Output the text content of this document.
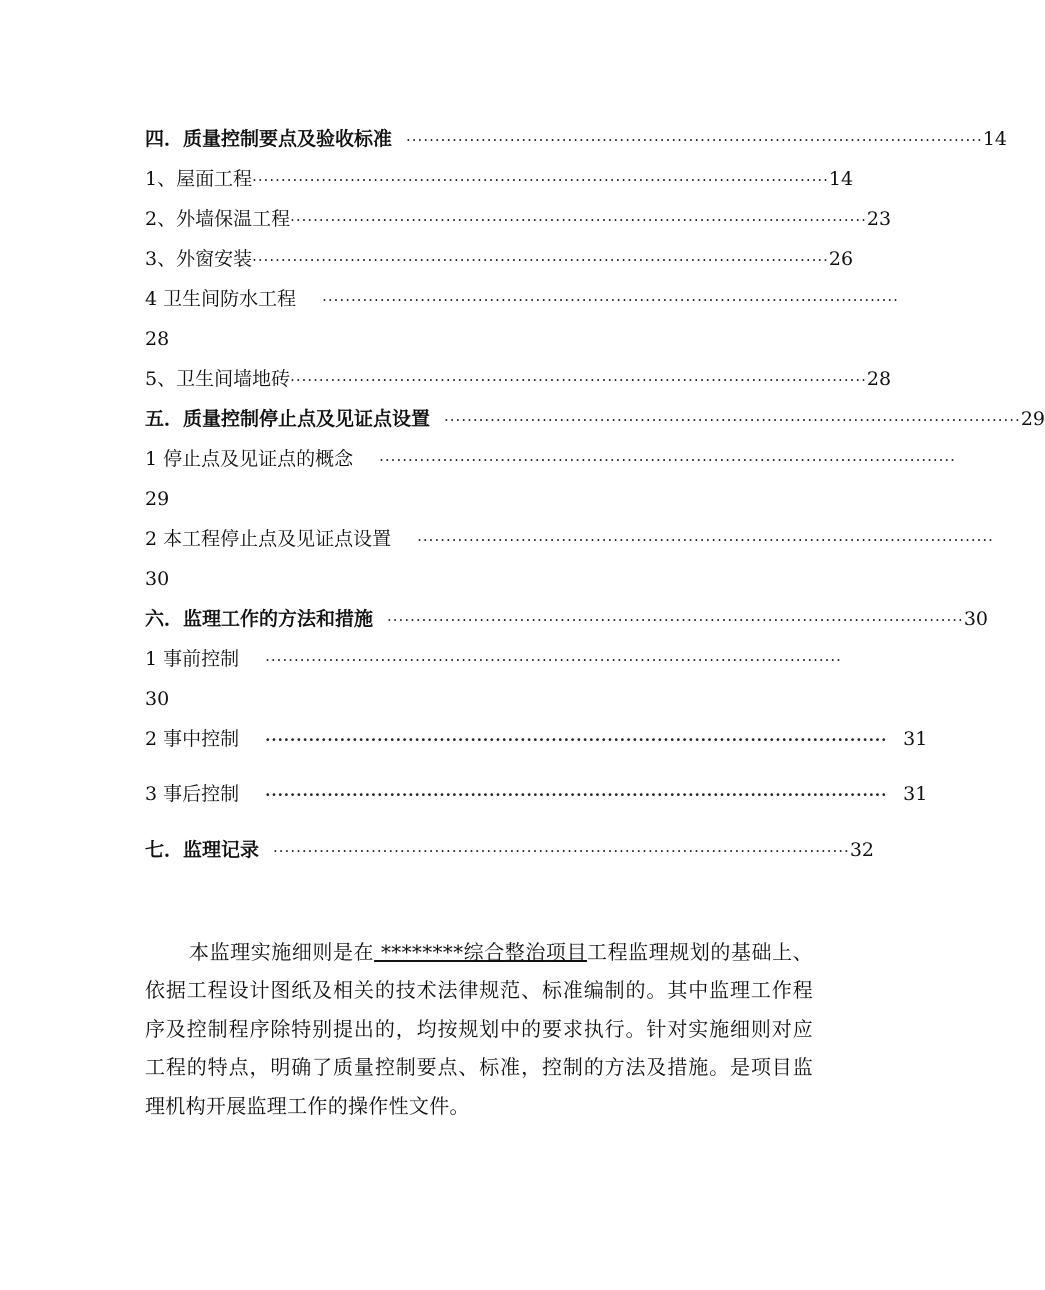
四．质量控制要点及验收标准 ···································································································· 14
1、屋面工程 ···································································································· 14
2、外墙保温工程 ···································································································· 23
3、外窗安装 ···································································································· 26
4 卫生间防水工程 ····································································································
28
5、卫生间墙地砖 ···································································································· 28
五．质量控制停止点及见证点设置 ···································································································· 29
1 停止点及见证点的概念 ····································································································
29
2 本工程停止点及见证点设置 ····································································································
30
六．监理工作的方法和措施 ···································································································· 30
1 事前控制 ····································································································
30
2 事中控制 ···································································································· 31
3 事后控制 ···································································································· 31
七．监理记录 ···································································································· 32
本监理实施细则是在 ********综合整治项目工程监理规划的基础上、依据工程设计图纸及相关的技术法律规范、标准编制的。其中监理工作程序及控制程序除特别提出的，均按规划中的要求执行。针对实施细则对应工程的特点，明确了质量控制要点、标准，控制的方法及措施。是项目监理机构开展监理工作的操作性文件。
